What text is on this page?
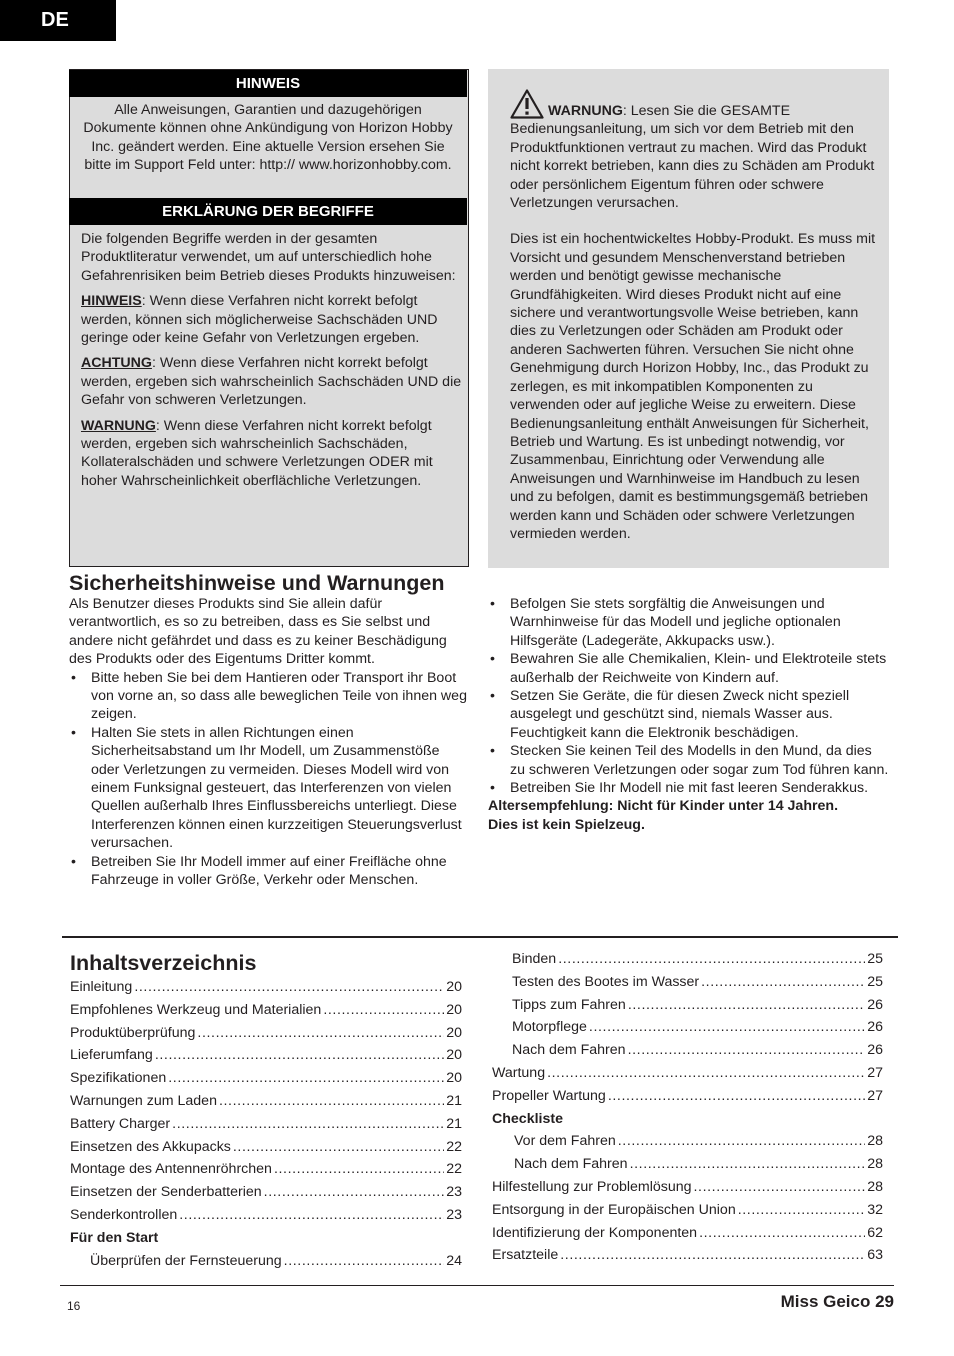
DE
HINWEIS
Alle Anweisungen, Garantien und dazugehörigen Dokumente können ohne Ankündigung von Horizon Hobby Inc. geändert werden. Eine aktuelle Version ersehen Sie bitte im Support Feld unter: http:// www.horizonhobby.com.
ERKLÄRUNG DER BEGRIFFE

Die folgenden Begriffe werden in der gesamten Produktliteratur verwendet, um auf unterschiedlich hohe Gefahrenrisiken beim Betrieb dieses Produkts hinzuweisen:

HINWEIS: Wenn diese Verfahren nicht korrekt befolgt werden, können sich möglicherweise Sachschäden UND geringe oder keine Gefahr von Verletzungen ergeben.

ACHTUNG: Wenn diese Verfahren nicht korrekt befolgt werden, ergeben sich wahrscheinlich Sachschäden UND die Gefahr von schweren Verletzungen.

WARNUNG: Wenn diese Verfahren nicht korrekt befolgt werden, ergeben sich wahrscheinlich Sachschäden, Kollateralschäden und schwere Verletzungen ODER mit hoher Wahrscheinlichkeit oberflächliche Verletzungen.

WARNUNG: Lesen Sie die GESAMTE Bedienungsanleitung, um sich vor dem Betrieb mit den Produktfunktionen vertraut zu machen. Wird das Produkt nicht korrekt betrieben, kann dies zu Schäden am Produkt oder persönlichem Eigentum führen oder schwere Verletzungen verursachen.

Dies ist ein hochentwickeltes Hobby-Produkt. Es muss mit Vorsicht und gesundem Menschenverstand betrieben werden und benötigt gewisse mechanische Grundfähigkeiten. Wird dieses Produkt nicht auf eine sichere und verantwortungsvolle Weise betrieben, kann dies zu Verletzungen oder Schäden am Produkt oder anderen Sachwerten führen. Versuchen Sie nicht ohne Genehmigung durch Horizon Hobby, Inc., das Produkt zu zerlegen, es mit inkompatiblen Komponenten zu verwenden oder auf jegliche Weise zu erweitern. Diese Bedienungsanleitung enthält Anweisungen für Sicherheit, Betrieb und Wartung. Es ist unbedingt notwendig, vor Zusammenbau, Einrichtung oder Verwendung alle Anweisungen und Warnhinweise im Handbuch zu lesen und zu befolgen, damit es bestimmungsgemäß betrieben werden kann und Schäden oder schwere Verletzungen vermieden werden.

Sicherheitshinweise und Warnungen

Als Benutzer dieses Produkts sind Sie allein dafür verantwortlich, es so zu betreiben, dass es Sie selbst und andere nicht gefährdet und dass es zu keiner Beschädigung des Produkts oder des Eigentums Dritter kommt.

• Bitte heben Sie bei dem Hantieren oder Transport ihr Boot von vorne an, so dass alle beweglichen Teile von ihnen weg zeigen.
• Halten Sie stets in allen Richtungen einen Sicherheitsabstand um Ihr Modell, um Zusammenstöße oder Verletzungen zu vermeiden. Dieses Modell wird von einem Funksignal gesteuert, das Interferenzen von vielen Quellen außerhalb Ihres Einflussbereichs unterliegt. Diese Interferenzen können einen kurzzeitigen Steuerungsverlust verursachen.
• Betreiben Sie Ihr Modell immer auf einer Freifläche ohne Fahrzeuge in voller Größe, Verkehr oder Menschen.
• Befolgen Sie stets sorgfältig die Anweisungen und Warnhinweise für das Modell und jegliche optionalen Hilfsgeräte (Ladegeräte, Akkupacks usw.).
• Bewahren Sie alle Chemikalien, Klein- und Elektroteile stets außerhalb der Reichweite von Kindern auf.
• Setzen Sie Geräte, die für diesen Zweck nicht speziell ausgelegt und geschützt sind, niemals Wasser aus. Feuchtigkeit kann die Elektronik beschädigen.
• Stecken Sie keinen Teil des Modells in den Mund, da dies zu schweren Verletzungen oder sogar zum Tod führen kann.
• Betreiben Sie Ihr Modell nie mit fast leeren Senderakkus.

Altersempfehlung: Nicht für Kinder unter 14 Jahren.
Dies ist kein Spielzeug.

Inhaltsverzeichnis
Einleitung .....	20
Empfohlenes Werkzeug und Materialien .....	20
Produktüberprüfung .....	20
Lieferumfang .....	20
Spezifikationen .....	20
Warnungen zum Laden .....	21
Battery Charger .....	21
Einsetzen des Akkupacks .....	22
Montage des Antennenröhrchen .....	22
Einsetzen der Senderbatterien .....	23
Senderkontrollen .....	23
Für den Start
Überprüfen der Fernsteuerung .....	24
Binden .....	25
Testen des Bootes im Wasser .....	25
Tipps zum Fahren .....	26
Motorpflege .....	26
Nach dem Fahren .....	26
Wartung .....	27
Propeller Wartung .....	27
Checkliste
Vor dem Fahren .....	28
Nach dem Fahren .....	28
Hilfestellung zur Problemlösung .....	28
Entsorgung in der Europäischen Union .....	32
Identifizierung der Komponenten .....	62
Ersatzteile .....	63
16	Miss Geico 29
